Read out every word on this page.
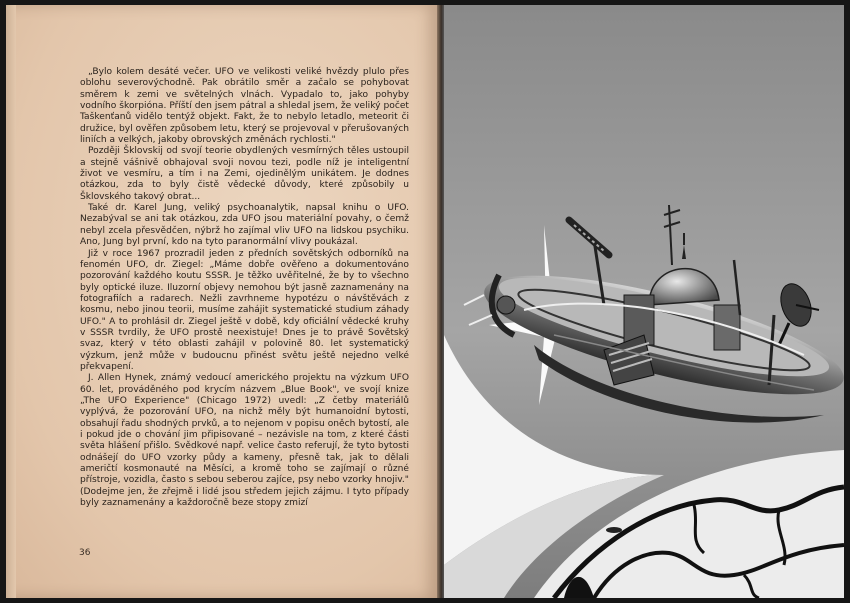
„Bylo kolem desáté večer. UFO ve velikosti veliké hvězdy plulo přes oblohu severovýchodně. Pak obrátilo směr a začalo se pohybovat směrem k zemi ve světelných vlnách. Vypadalo to, jako pohyby vodního škorpióna. Příští den jsem pátral a shledal jsem, že veliký počet Taškenťanů vidělo tentýž objekt. Fakt, že to nebylo letadlo, meteorit či družice, byl ověřen způsobem letu, který se projevoval v přerušovaných liniích a velkých, jakoby obrovských změnách rychlosti."

Později Šklovskij od svojí teorie obydlených vesmírných těles ustoupil a stejně vášnivě obhajoval svoji novou tezi, podle níž je inteligentní život ve vesmíru, a tím i na Zemi, ojedinělým unikátem. Je dodnes otázkou, zda to byly čistě vědecké důvody, které způsobily u Šklovského takový obrat...

Také dr. Karel Jung, veliký psychoanalytik, napsal knihu o UFO. Nezabýval se ani tak otázkou, zda UFO jsou materiální povahy, o čemž nebyl zcela přesvědčen, nýbrž ho zajímal vliv UFO na lidskou psychiku. Ano, Jung byl první, kdo na tyto paranormální vlivy poukázal.

Již v roce 1967 prozradil jeden z předních sovětských odborníků na fenomén UFO, dr. Ziegel: „Máme dobře ověřeno a dokumentováno pozorování každého koutu SSSR. Je těžko uvěřitelné, že by to všechno byly optické iluze. Iluzorní objevy nemohou být jasně zaznamenány na fotografiích a radarech. Nežli zavrhneme hypotézu o návštěvách z kosmu, nebo jinou teorii, musíme zahájit systematické studium záhady UFO." A to prohlásil dr. Ziegel ještě v době, kdy oficiální vědecké kruhy v SSSR tvrdily, že UFO prostě neexistuje! Dnes je to právě Sovětský svaz, který v této oblasti zahájil v polovině 80. let systematický výzkum, jenž může v budoucnu přinést světu ještě nejedno velké překvapení.

J. Allen Hynek, známý vedoucí amerického projektu na výzkum UFO 60. let, prováděného pod krycím názvem „Blue Book", ve svojí knize „The UFO Experience" (Chicago 1972) uvedl: „Z četby materiálů vyplývá, že pozorování UFO, na nichž měly být humanoidní bytosti, obsahují řadu shodných prvků, a to nejenom v popisu oněch bytostí, ale i pokud jde o chování jim připisované – nezávisle na tom, z které části světa hlášení přišlo. Svědkové např. velice často referují, že tyto bytosti odnášejí do UFO vzorky půdy a kameny, přesně tak, jak to dělali američtí kosmonauté na Měsíci, a kromě toho se zajímají o různé přístroje, vozidla, často s sebou seberou zajíce, psy nebo vzorky hnojiv." (Dodejme jen, že zřejmě i lidé jsou středem jejich zájmu. I tyto případy byly zaznamenány a každoročně beze stopy zmizí

36
